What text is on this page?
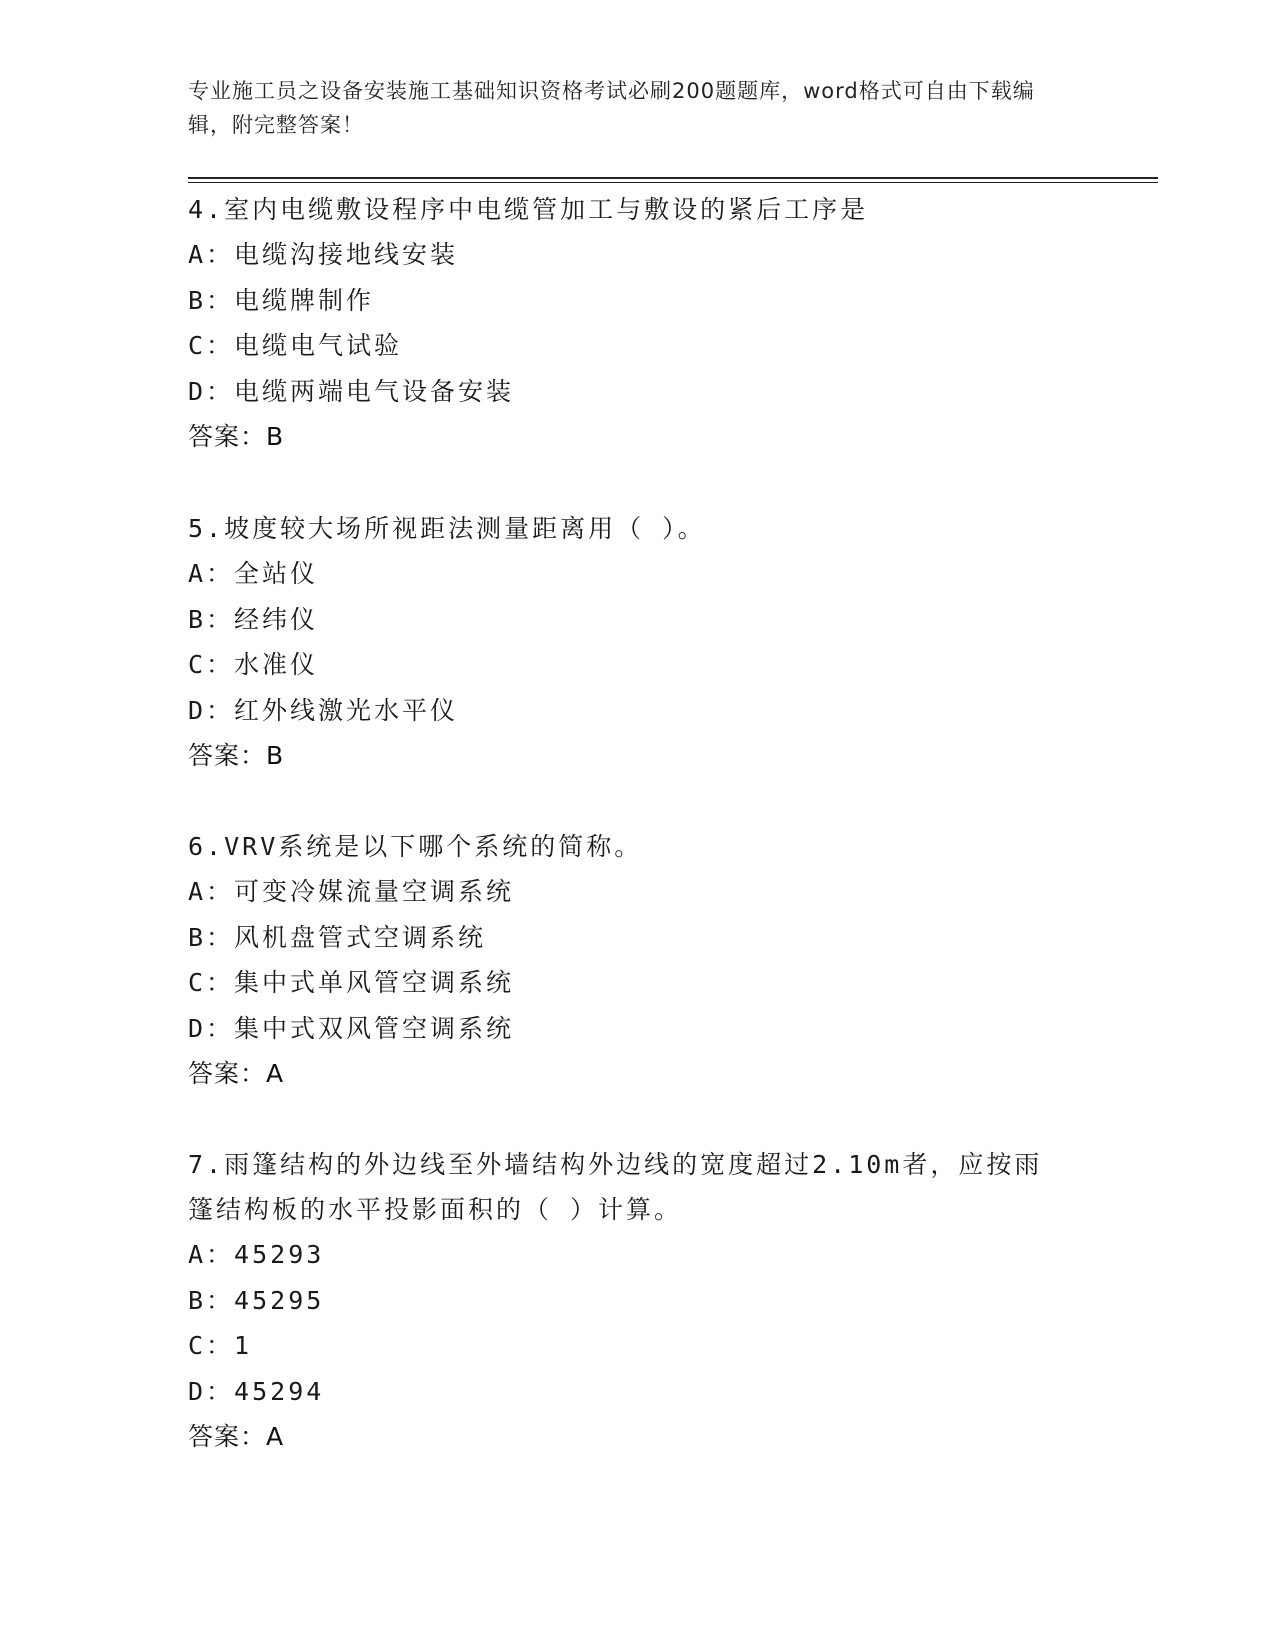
专业施工员之设备安装施工基础知识资格考试必刷200题题库，word格式可自由下载编辑，附完整答案！
4.室内电缆敷设程序中电缆管加工与敷设的紧后工序是
A：电缆沟接地线安装
B：电缆牌制作
C：电缆电气试验
D：电缆两端电气设备安装
答案：B
5.坡度较大场所视距法测量距离用（ ）。
A：全站仪
B：经纬仪
C：水准仪
D：红外线激光水平仪
答案：B
6.VRV系统是以下哪个系统的简称。
A：可变冷媒流量空调系统
B：风机盘管式空调系统
C：集中式单风管空调系统
D：集中式双风管空调系统
答案：A
7.雨篷结构的外边线至外墙结构外边线的宽度超过2.10m者，应按雨篷结构板的水平投影面积的（ ）计算。
A：45293
B：45295
C：1
D：45294
答案：A
